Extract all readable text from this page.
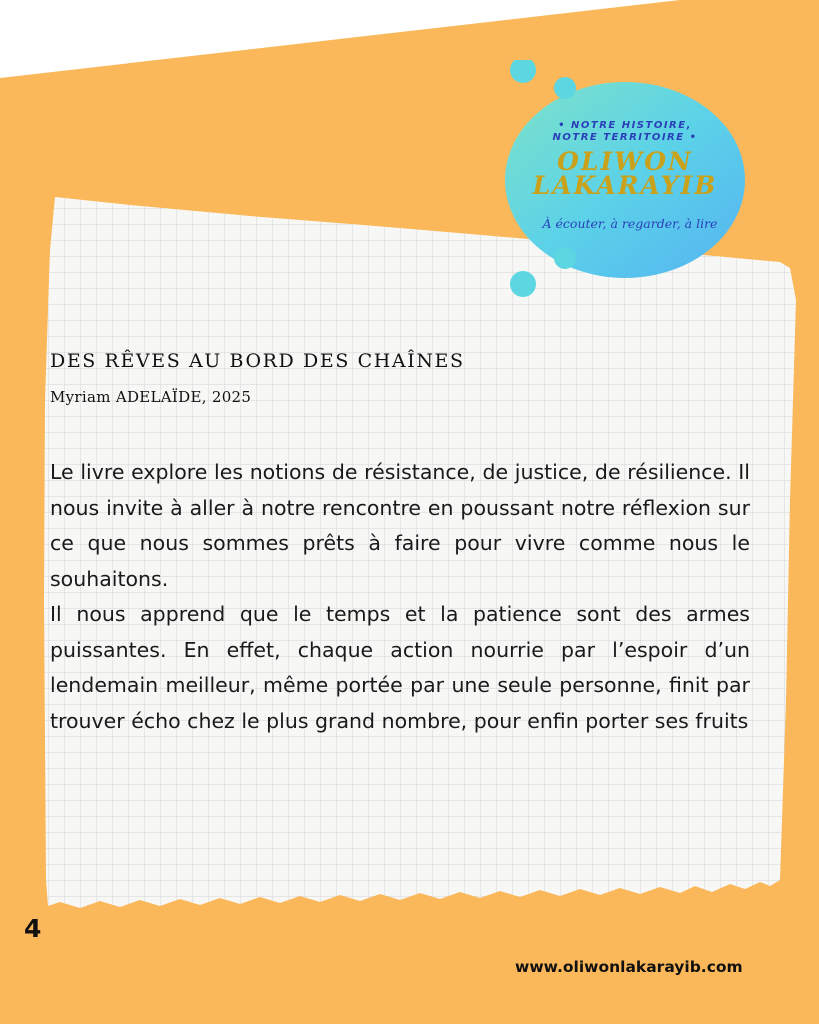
• NOTRE HISTOIRE,
NOTRE TERRITOIRE •
OLIWON
LAKARAYIB
À écouter, à regarder, à lire
DES RÊVES AU BORD DES CHAÎNES
Myriam ADELAÏDE, 2025

Le livre explore les notions de résistance, de justice, de résilience. Il nous invite à aller à notre rencontre en poussant notre réflexion sur ce que nous sommes prêts à faire pour vivre comme nous le souhaitons.

Il nous apprend que le temps et la patience sont des armes puissantes. En effet, chaque action nourrie par l’espoir d’un lendemain meilleur, même portée par une seule personne, finit par trouver écho chez le plus grand nombre, pour enfin porter ses fruits

4
www.oliwonlakarayib.com
